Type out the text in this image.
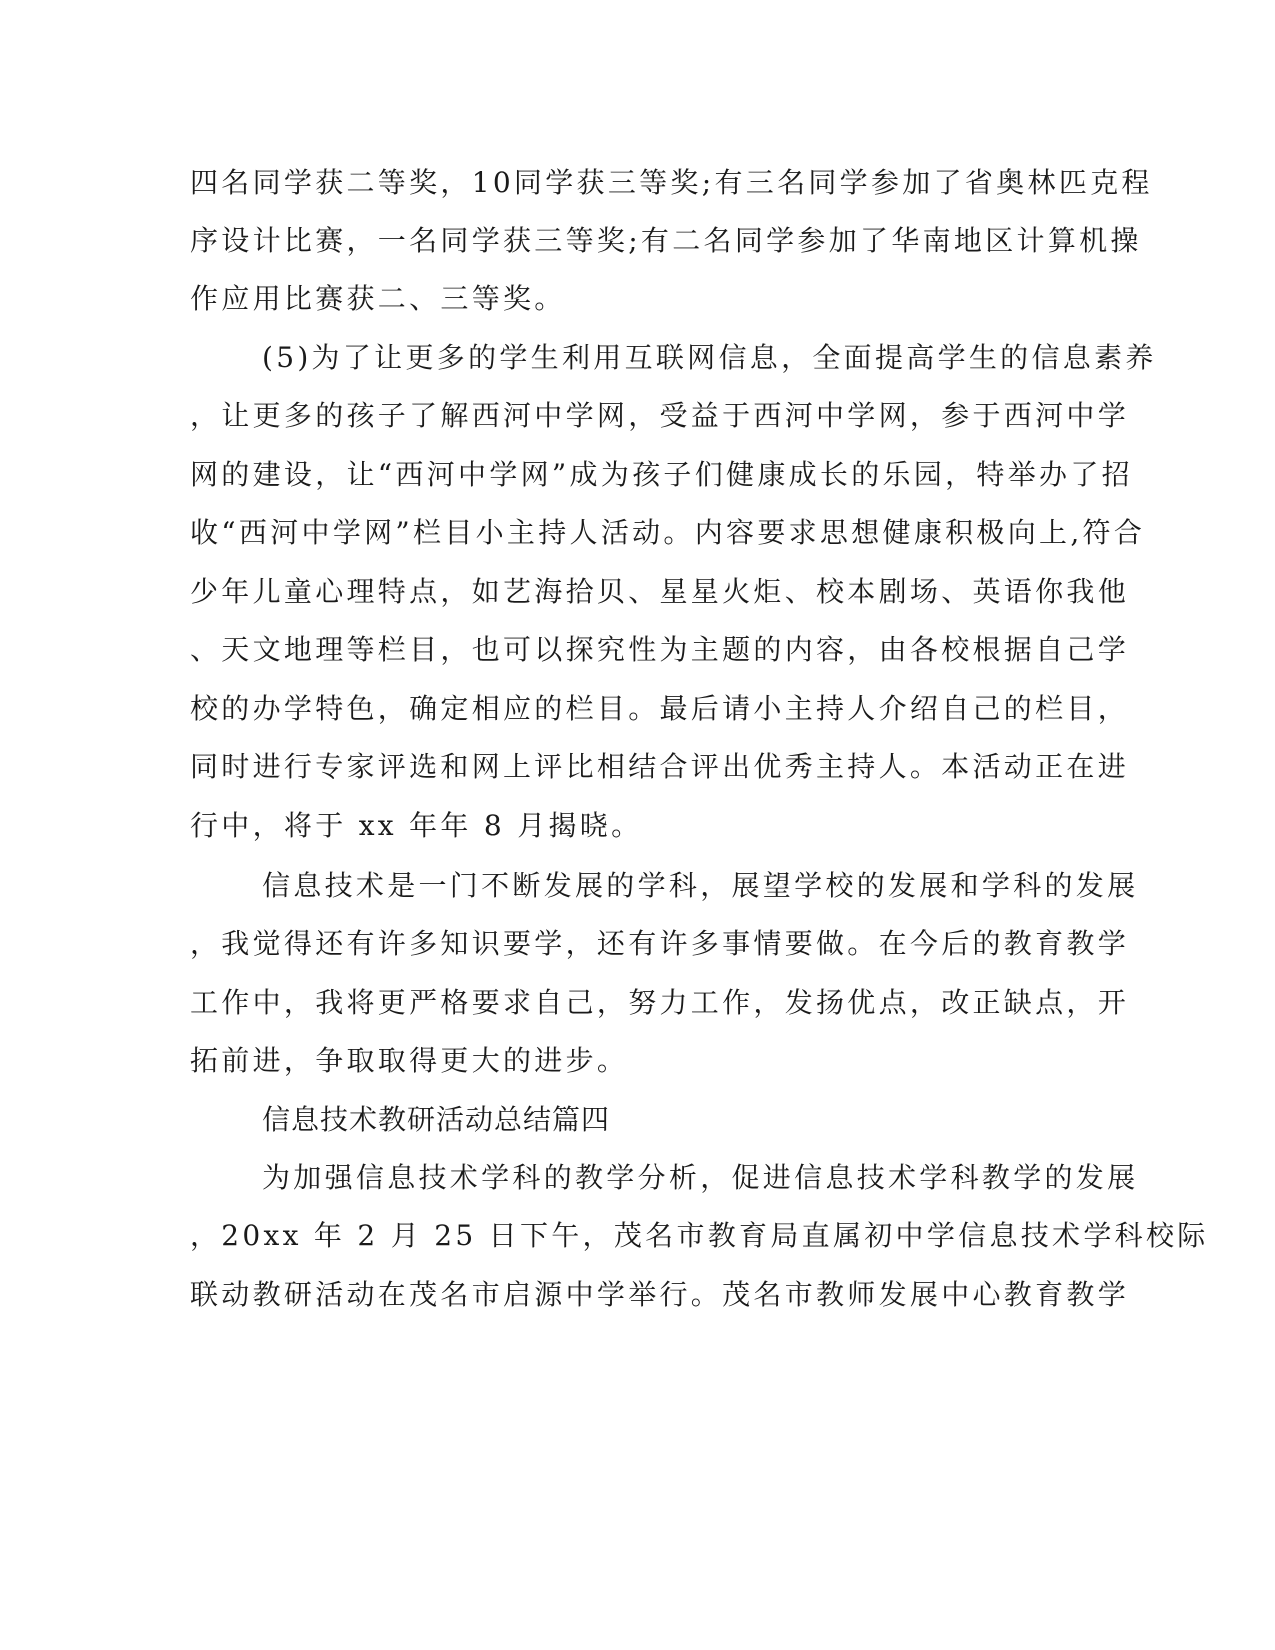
四名同学获二等奖，10同学获三等奖;有三名同学参加了省奥林匹克程
序设计比赛，一名同学获三等奖;有二名同学参加了华南地区计算机操
作应用比赛获二、三等奖。
(5)为了让更多的学生利用互联网信息，全面提高学生的信息素养
，让更多的孩子了解西河中学网，受益于西河中学网，参于西河中学
网的建设，让“西河中学网”成为孩子们健康成长的乐园，特举办了招
收“西河中学网”栏目小主持人活动。内容要求思想健康积极向上,符合
少年儿童心理特点，如艺海拾贝、星星火炬、校本剧场、英语你我他
、天文地理等栏目，也可以探究性为主题的内容，由各校根据自己学
校的办学特色，确定相应的栏目。最后请小主持人介绍自己的栏目，
同时进行专家评选和网上评比相结合评出优秀主持人。本活动正在进
行中，将于 xx 年年 8 月揭晓。
信息技术是一门不断发展的学科，展望学校的发展和学科的发展
，我觉得还有许多知识要学，还有许多事情要做。在今后的教育教学
工作中，我将更严格要求自己，努力工作，发扬优点，改正缺点，开
拓前进，争取取得更大的进步。
信息技术教研活动总结篇四
为加强信息技术学科的教学分析，促进信息技术学科教学的发展
，20xx 年 2 月 25 日下午，茂名市教育局直属初中学信息技术学科校际
联动教研活动在茂名市启源中学举行。茂名市教师发展中心教育教学
